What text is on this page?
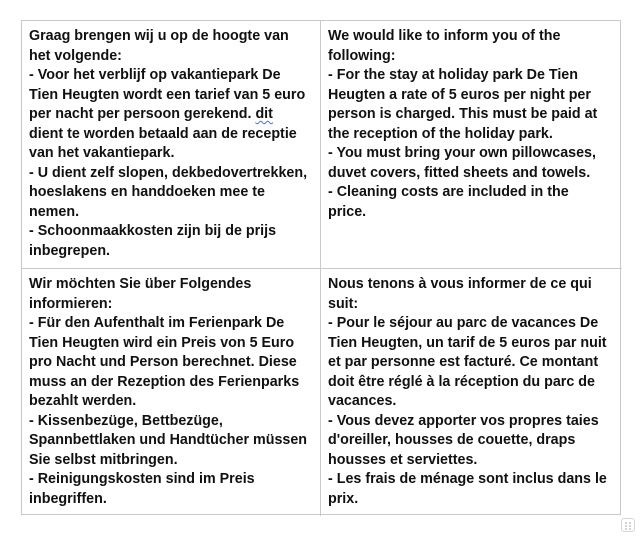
Graag brengen wij u op de hoogte van
het volgende:
- Voor het verblijf op vakantiepark De
Tien Heugten wordt een tarief van 5 euro
per nacht per persoon gerekend. dit
dient te worden betaald aan de receptie
van het vakantiepark.
- U dient zelf slopen, dekbedovertrekken,
hoeslakens en handdoeken mee te
nemen.
- Schoonmaakkosten zijn bij de prijs
inbegrepen.

We would like to inform you of the
following:
- For the stay at holiday park De Tien
Heugten a rate of 5 euros per night per
person is charged. This must be paid at
the reception of the holiday park.
- You must bring your own pillowcases,
duvet covers, fitted sheets and towels.
- Cleaning costs are included in the
price.

Wir möchten Sie über Folgendes
informieren:
- Für den Aufenthalt im Ferienpark De
Tien Heugten wird ein Preis von 5 Euro
pro Nacht und Person berechnet. Diese
muss an der Rezeption des Ferienparks
bezahlt werden.
- Kissenbezüge, Bettbezüge,
Spannbettlaken und Handtücher müssen
Sie selbst mitbringen.
- Reinigungskosten sind im Preis
inbegriffen.

Nous tenons à vous informer de ce qui
suit:
- Pour le séjour au parc de vacances De
Tien Heugten, un tarif de 5 euros par nuit
et par personne est facturé. Ce montant
doit être réglé à la réception du parc de
vacances.
- Vous devez apporter vos propres taies
d'oreiller, housses de couette, draps
housses et serviettes.
- Les frais de ménage sont inclus dans le
prix.
